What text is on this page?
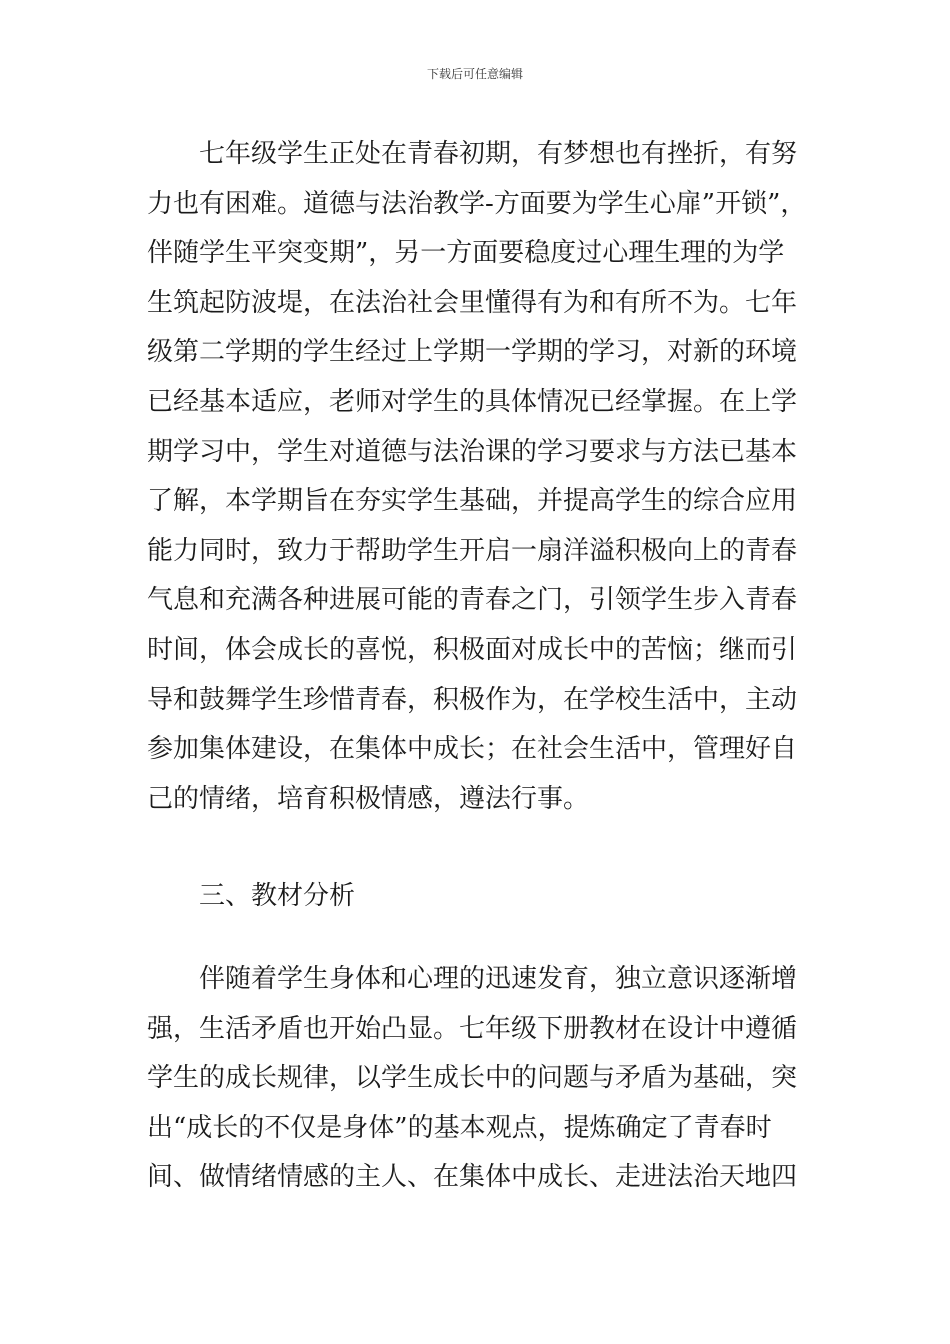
下载后可任意编辑
七年级学生正处在青春初期，有梦想也有挫折，有努
力也有困难。道德与法治教学-方面要为学生心扉”开锁”，
伴随学生平突变期”，另一方面要稳度过心理生理的为学
生筑起防波堤，在法治社会里懂得有为和有所不为。七年
级第二学期的学生经过上学期一学期的学习，对新的环境
已经基本适应，老师对学生的具体情况已经掌握。在上学
期学习中，学生对道德与法治课的学习要求与方法已基本
了解，本学期旨在夯实学生基础，并提高学生的综合应用
能力同时，致力于帮助学生开启一扇洋溢积极向上的青春
气息和充满各种进展可能的青春之门，引领学生步入青春
时间，体会成长的喜悦，积极面对成长中的苦恼；继而引
导和鼓舞学生珍惜青春，积极作为，在学校生活中，主动
参加集体建设，在集体中成长；在社会生活中，管理好自
己的情绪，培育积极情感，遵法行事。
三、教材分析
伴随着学生身体和心理的迅速发育，独立意识逐渐增
强，生活矛盾也开始凸显。七年级下册教材在设计中遵循
学生的成长规律，以学生成长中的问题与矛盾为基础，突
出“成长的不仅是身体”的基本观点，提炼确定了青春时
间、做情绪情感的主人、在集体中成长、走进法治天地四
